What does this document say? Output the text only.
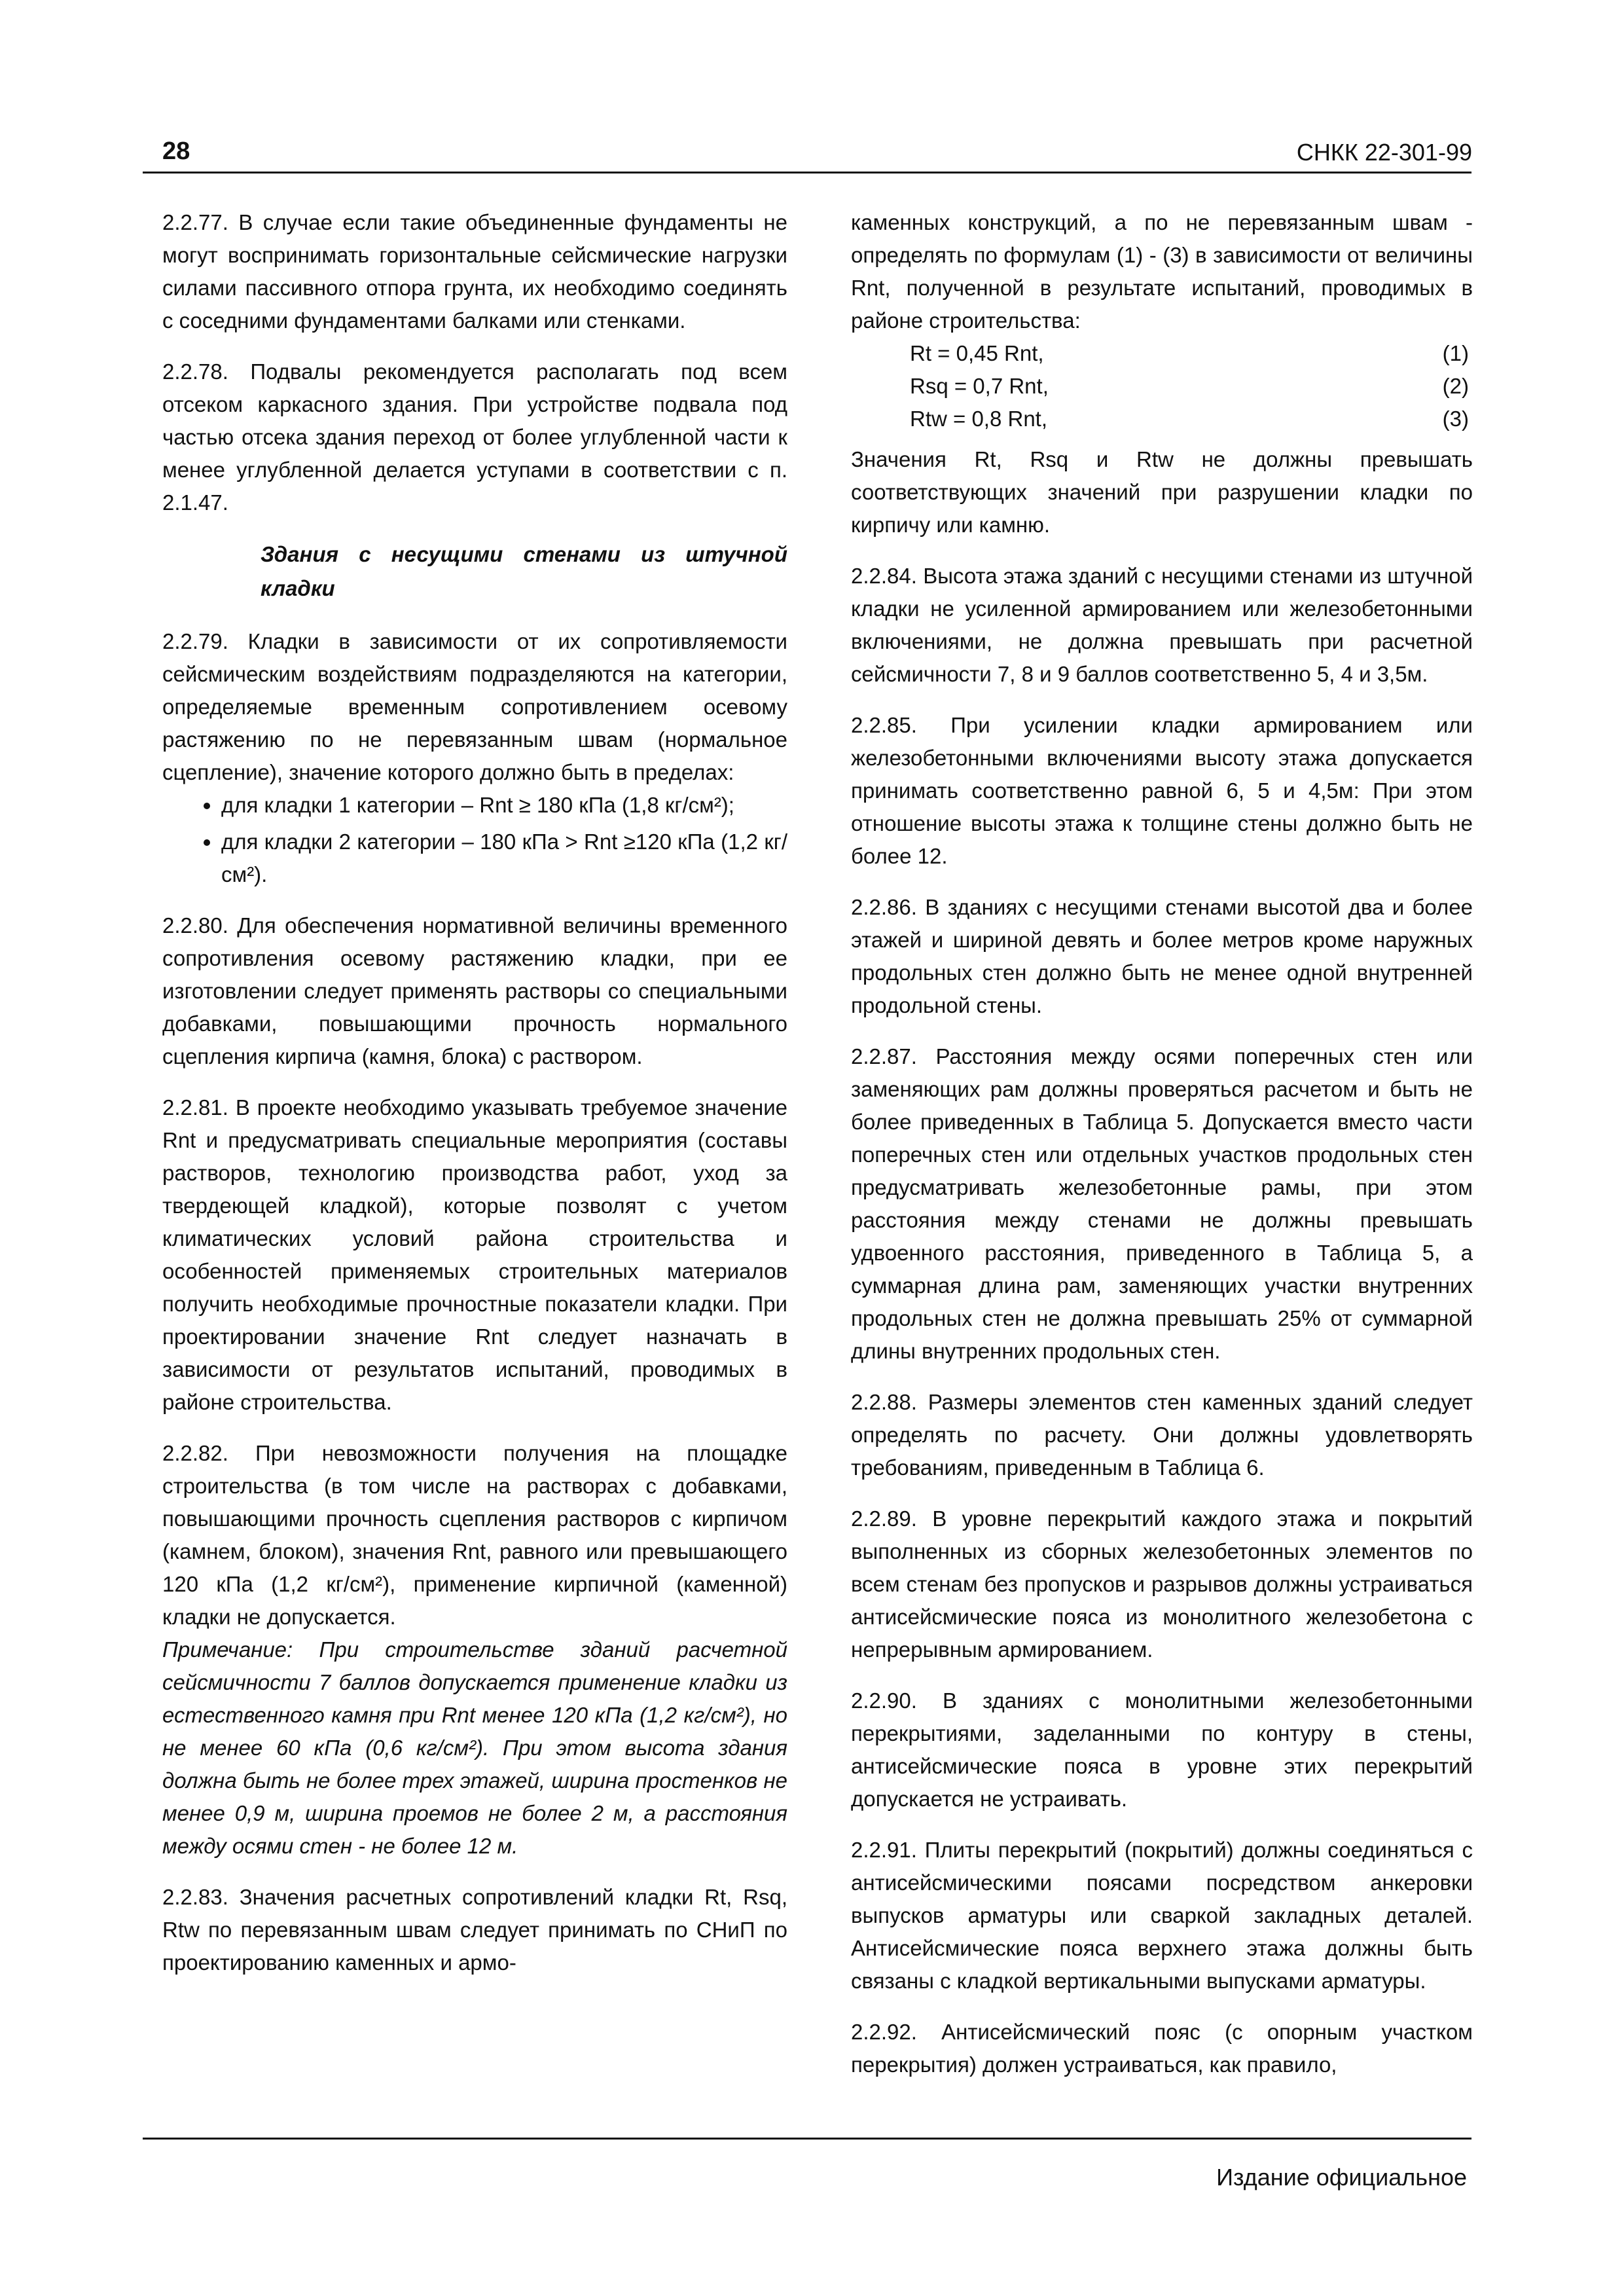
28	СНКК 22-301-99

2.2.77. В случае если такие объединенные фундаменты не могут воспринимать горизонтальные сейсмические нагрузки силами пассивного отпора грунта, их необходимо соединять с соседними фундаментами балками или стенками.

2.2.78. Подвалы рекомендуется располагать под всем отсеком каркасного здания. При устройстве подвала под частью отсека здания переход от более углубленной части к менее углубленной делается уступами в соответствии с п. 2.1.47.

Здания с несущими стенами из штучной кладки

2.2.79. Кладки в зависимости от их сопротивляемости сейсмическим воздействиям подразделяются на категории, определяемые временным сопротивлением осевому растяжению по не перевязанным швам (нормальное сцепление), значение которого должно быть в пределах:

• для кладки 1 категории – Rnt ≥ 180 кПа (1,8 кг/см²);
• для кладки 2 категории – 180 кПа > Rnt ≥120 кПа (1,2 кг/см²).

2.2.80. Для обеспечения нормативной величины временного сопротивления осевому растяжению кладки, при ее изготовлении следует применять растворы со специальными добавками, повышающими прочность нормального сцепления кирпича (камня, блока) с раствором.

2.2.81. В проекте необходимо указывать требуемое значение Rnt и предусматривать специальные мероприятия (составы растворов, технологию производства работ, уход за твердеющей кладкой), которые позволят с учетом климатических условий района строительства и особенностей применяемых строительных материалов получить необходимые прочностные показатели кладки. При проектировании значение Rnt следует назначать в зависимости от результатов испытаний, проводимых в районе строительства.

2.2.82. При невозможности получения на площадке строительства (в том числе на растворах с добавками, повышающими прочность сцепления растворов с кирпичом (камнем, блоком), значения Rnt, равного или превышающего 120 кПа (1,2 кг/см²), применение кирпичной (каменной) кладки не допускается.

Примечание: При строительстве зданий расчетной сейсмичности 7 баллов допускается применение кладки из естественного камня при Rnt менее 120 кПа (1,2 кг/см²), но не менее 60 кПа (0,6 кг/см²). При этом высота здания должна быть не более трех этажей, ширина простенков не менее 0,9 м, ширина проемов не более 2 м, а расстояния между осями стен - не более 12 м.

2.2.83. Значения расчетных сопротивлений кладки Rt, Rsq, Rtw по перевязанным швам следует принимать по СНиП по проектированию каменных и армо-

каменных конструкций, а по не перевязанным швам - определять по формулам (1) - (3) в зависимости от величины Rnt, полученной в результате испытаний, проводимых в районе строительства:

Rt = 0,45 Rnt,	(1)
Rsq = 0,7 Rnt,	(2)
Rtw = 0,8 Rnt,	(3)

Значения Rt, Rsq и Rtw не должны превышать соответствующих значений при разрушении кладки по кирпичу или камню.

2.2.84. Высота этажа зданий с несущими стенами из штучной кладки не усиленной армированием или железобетонными включениями, не должна превышать при расчетной сейсмичности 7, 8 и 9 баллов соответственно 5, 4 и 3,5м.

2.2.85. При усилении кладки армированием или железобетонными включениями высоту этажа допускается принимать соответственно равной 6, 5 и 4,5м: При этом отношение высоты этажа к толщине стены должно быть не более 12.

2.2.86. В зданиях с несущими стенами высотой два и более этажей и шириной девять и более метров кроме наружных продольных стен должно быть не менее одной внутренней продольной стены.

2.2.87. Расстояния между осями поперечных стен или заменяющих рам должны проверяться расчетом и быть не более приведенных в Таблица 5. Допускается вместо части поперечных стен или отдельных участков продольных стен предусматривать железобетонные рамы, при этом расстояния между стенами не должны превышать удвоенного расстояния, приведенного в Таблица 5, а суммарная длина рам, заменяющих участки внутренних продольных стен не должна превышать 25% от суммарной длины внутренних продольных стен.

2.2.88. Размеры элементов стен каменных зданий следует определять по расчету. Они должны удовлетворять требованиям, приведенным в Таблица 6.

2.2.89. В уровне перекрытий каждого этажа и покрытий выполненных из сборных железобетонных элементов по всем стенам без пропусков и разрывов должны устраиваться антисейсмические пояса из монолитного железобетона с непрерывным армированием.

2.2.90. В зданиях с монолитными железобетонными перекрытиями, заделанными по контуру в стены, антисейсмические пояса в уровне этих перекрытий допускается не устраивать.

2.2.91. Плиты перекрытий (покрытий) должны соединяться с антисейсмическими поясами посредством анкеровки выпусков арматуры или сваркой закладных деталей. Антисейсмические пояса верхнего этажа должны быть связаны с кладкой вертикальными выпусками арматуры.

2.2.92. Антисейсмический пояс (с опорным участком перекрытия) должен устраиваться, как правило,

Издание официальное
